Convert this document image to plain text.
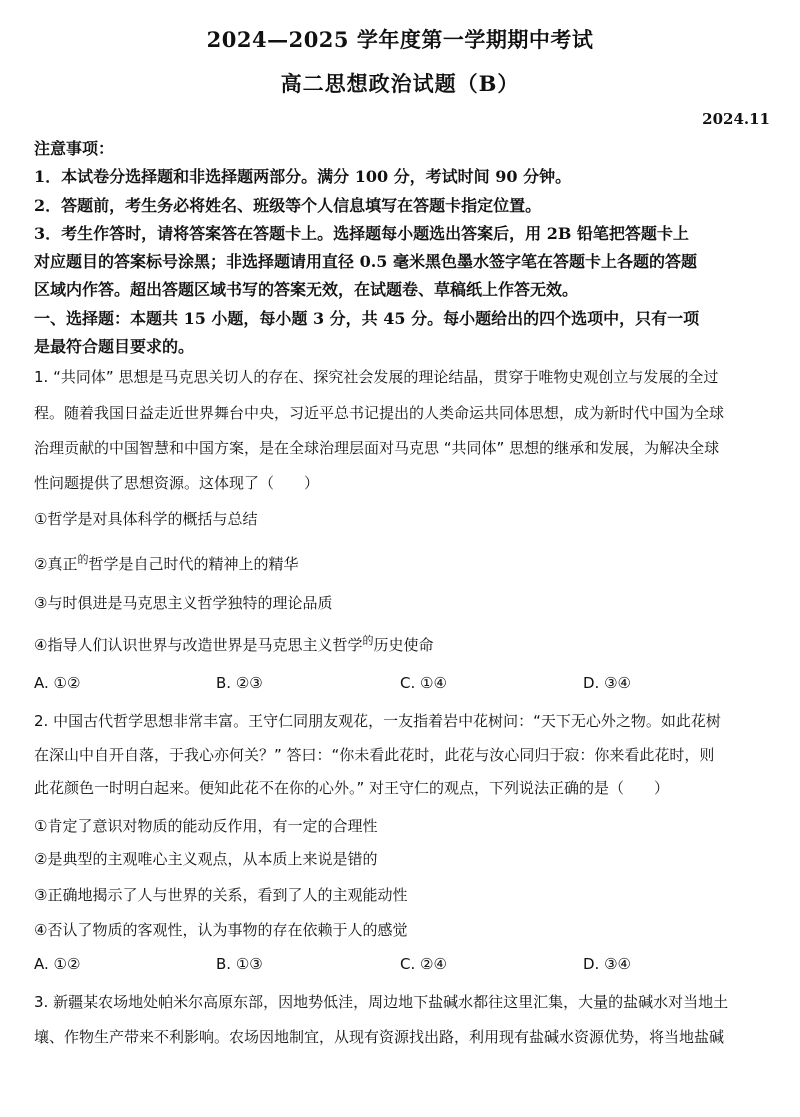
2024—2025 学年度第一学期期中考试
高二思想政治试题（B）
2024.11
注意事项：
1．本试卷分选择题和非选择题两部分。满分 100 分，考试时间 90 分钟。
2．答题前，考生务必将姓名、班级等个人信息填写在答题卡指定位置。
3．考生作答时，请将答案答在答题卡上。选择题每小题选出答案后，用 2B 铅笔把答题卡上
对应题目的答案标号涂黑；非选择题请用直径 0.5 毫米黑色墨水签字笔在答题卡上各题的答题
区域内作答。超出答题区域书写的答案无效，在试题卷、草稿纸上作答无效。
一、选择题：本题共 15 小题，每小题 3 分，共 45 分。每小题给出的四个选项中，只有一项
是最符合题目要求的。
1. “共同体” 思想是马克思关切人的存在、探究社会发展的理论结晶，贯穿于唯物史观创立与发展的全过
程。随着我国日益走近世界舞台中央，习近平总书记提出的人类命运共同体思想，成为新时代中国为全球
治理贡献的中国智慧和中国方案，是在全球治理层面对马克思 “共同体” 思想的继承和发展，为解决全球
性问题提供了思想资源。这体现了（　　）
①哲学是对具体科学的概括与总结
②真正$^的$哲学是自己时代的精神上的精华
③与时俱进是马克思主义哲学独特的理论品质
④指导人们认识世界与改造世界是马克思主义哲学$^的$历史使命
A. ①②	B. ②③	C. ①④	D. ③④
2. 中国古代哲学思想非常丰富。王守仁同朋友观花，一友指着岩中花树问：“天下无心外之物。如此花树
在深山中自开自落，于我心亦何关？” 答曰：“你未看此花时，此花与汝心同归于寂：你来看此花时，则
此花颜色一时明白起来。便知此花不在你的心外。” 对王守仁的观点，下列说法正确的是（　　）
①肯定了意识对物质的能动反作用，有一定的合理性
②是典型的主观唯心主义观点，从本质上来说是错的
③正确地揭示了人与世界的关系，看到了人的主观能动性
④否认了物质的客观性，认为事物的存在依赖于人的感觉
A. ①②	B. ①③	C. ②④	D. ③④
3. 新疆某农场地处帕米尔高原东部，因地势低洼，周边地下盐碱水都往这里汇集，大量的盐碱水对当地土
壤、作物生产带来不利影响。农场因地制宜，从现有资源找出路，利用现有盐碱水资源优势，将当地盐碱
